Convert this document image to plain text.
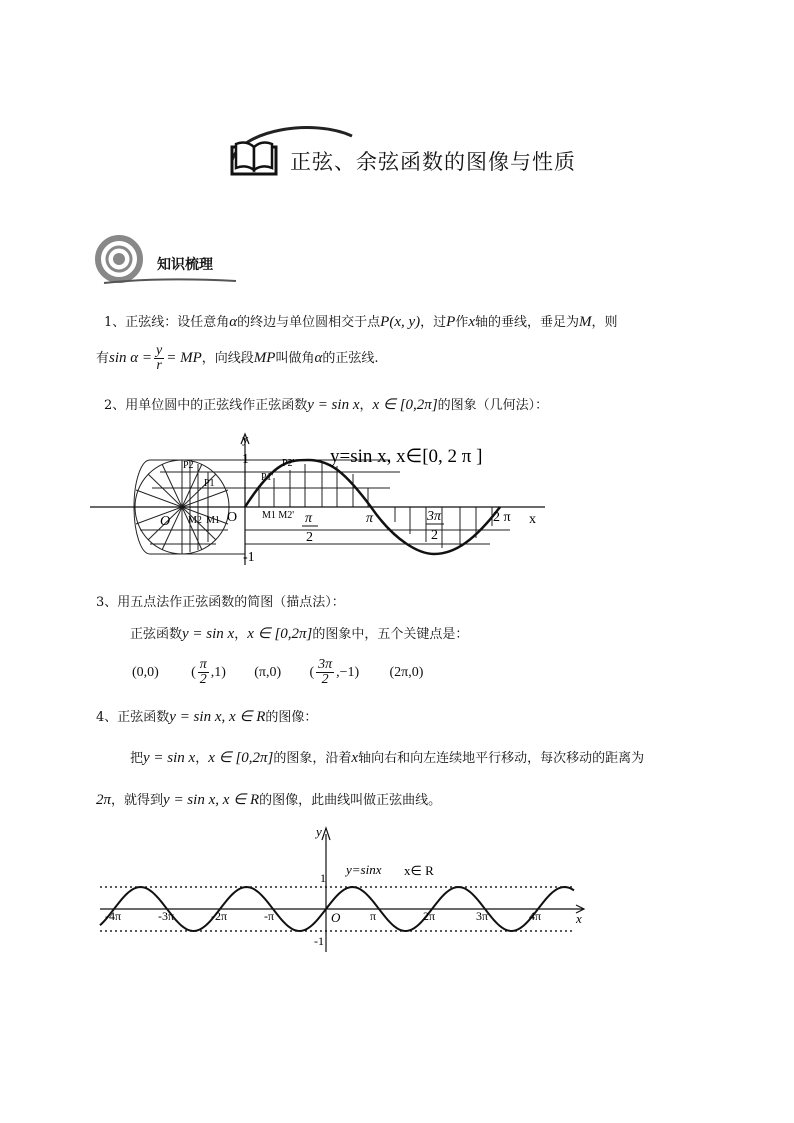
正弦、余弦函数的图像与性质
知识梳理
1、正弦线：设任意角α的终边与单位圆相交于点P(x, y)，过P作x轴的垂线，垂足为M，则
有$\sin \alpha = \frac{y}{r}$ = MP，向线段MP叫做角α的正弦线.
2、用单位圆中的正弦线作正弦函数y = sin x，x ∈ [0,2π]的图象（几何法）：
y=sin x, x∈[0, 2 π ]
y
x
1
-1
O
O
P2
P1
M2 M1
P2'
P1'
M1 M2' π
2
π	3π
2
2 π
3、用五点法作正弦函数的简图（描点法）：
正弦函数y = sin x，x ∈ [0,2π]的图象中，五个关键点是：
(0,0) ( $\frac{\pi}{2} ,1$) (π,0) ( $\frac{3\pi}{2} ,-1$) (2π,0)
4、正弦函数y = sin x, x ∈ R的图像：
把y = sin x，x ∈ [0,2π]的图象，沿着x轴向右和向左连续地平行移动，每次移动的距离为
2π，就得到y = sin x, x ∈ R的图像，此曲线叫做正弦曲线。
-4π	-3π	-2π	-π	π	2π	3π	4π
y
x
1
-1
O
y=sinx x∈ R
